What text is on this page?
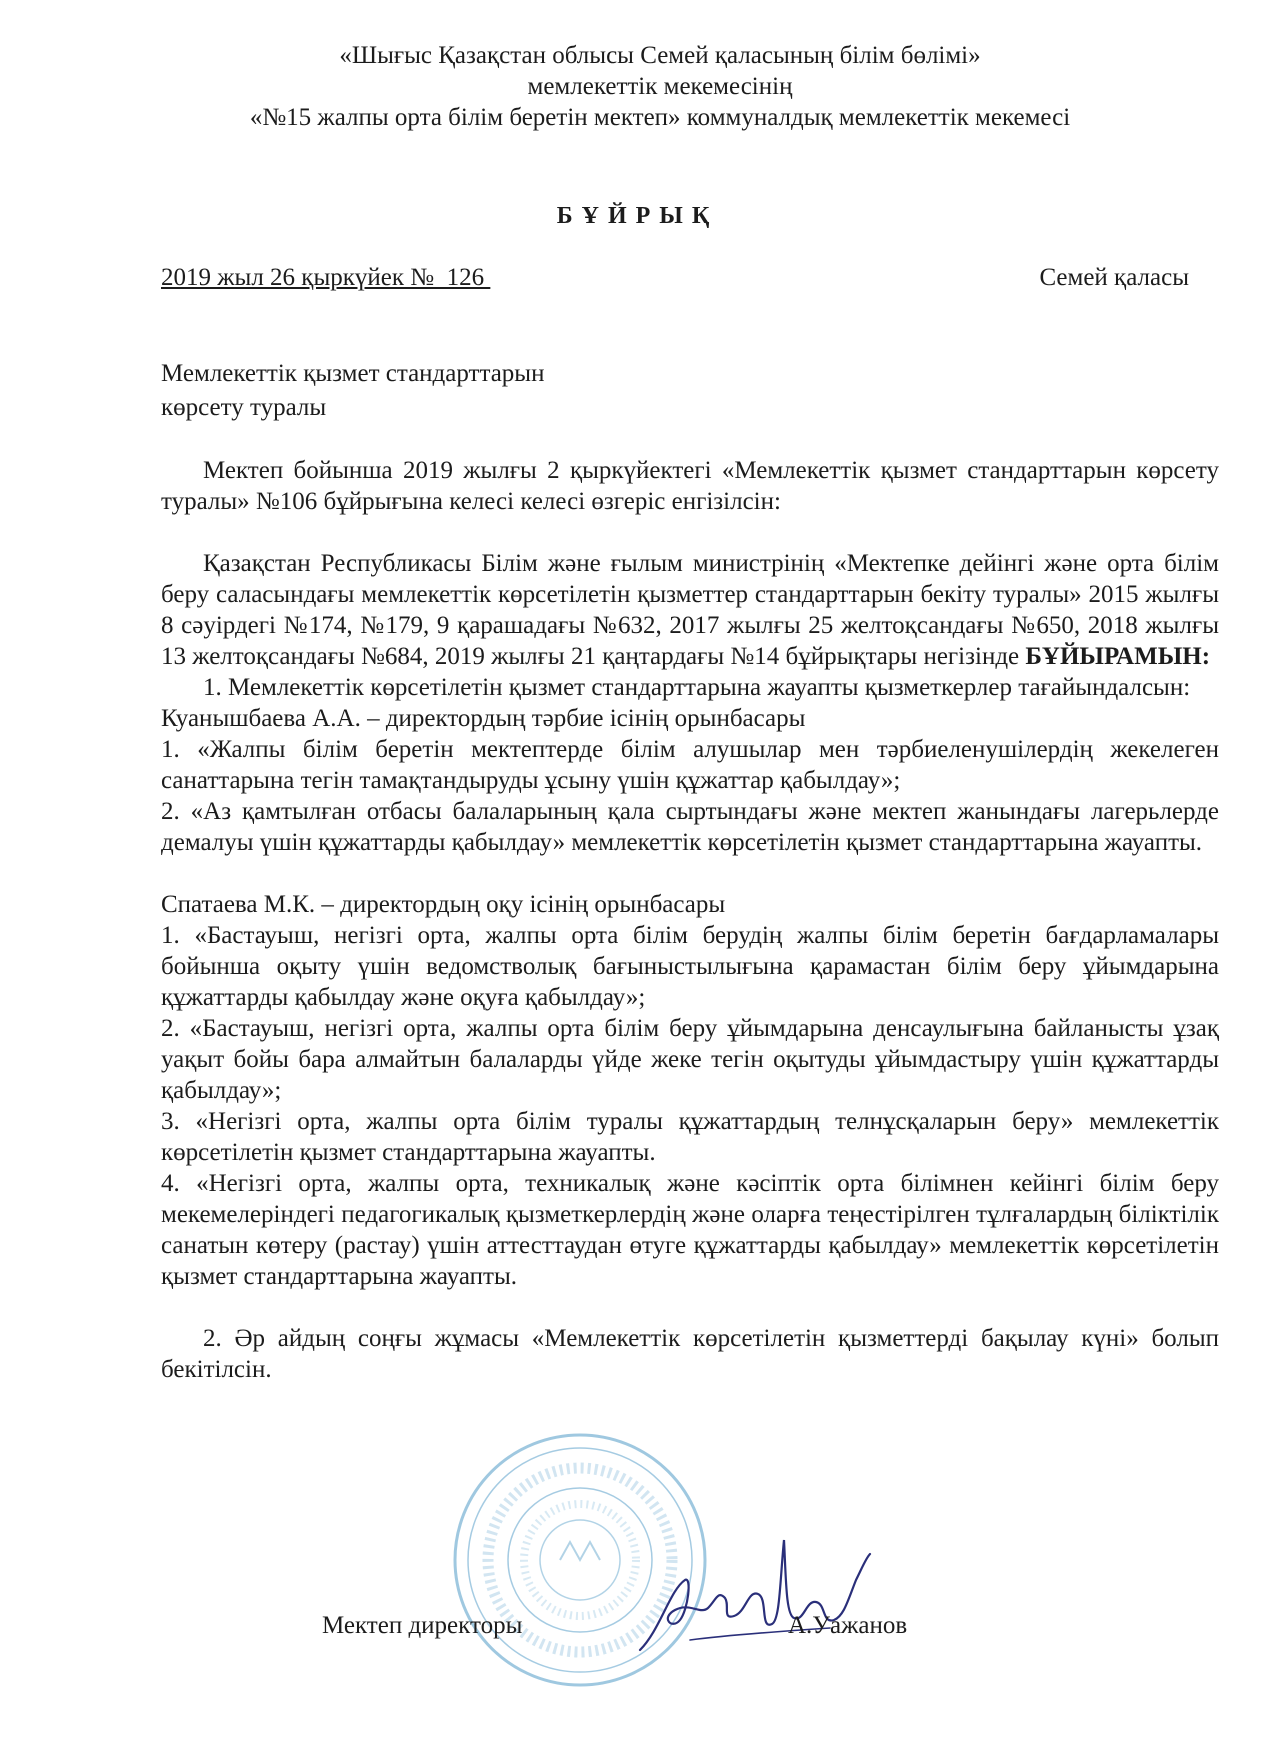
«Шығыс Қазақстан облысы Семей қаласының білім бөлімі»
мемлекеттік мекемесінің
«№15 жалпы орта білім беретін мектеп» коммуналдық мемлекеттік мекемесі
БҰЙРЫҚ
2019 жыл 26 қыркүйек №  126	Семей қаласы
Мемлекеттік қызмет стандарттарын
көрсету туралы

Мектеп бойынша 2019 жылғы 2 қыркүйектегі «Мемлекеттік қызмет стандарттарын көрсету туралы» №106 бұйрығына келесі келесі өзгеріс енгізілсін:

Қазақстан Республикасы Білім және ғылым министрінің «Мектепке дейінгі және орта білім беру саласындағы мемлекеттік көрсетілетін қызметтер стандарттарын бекіту туралы» 2015 жылғы 8 сәуірдегі №174, №179, 9 қарашадағы №632, 2017 жылғы 25 желтоқсандағы №650, 2018 жылғы 13 желтоқсандағы №684, 2019 жылғы 21 қаңтардағы №14 бұйрықтары негізінде БҰЙЫРАМЫН:

1. Мемлекеттік көрсетілетін қызмет стандарттарына жауапты қызметкерлер тағайындалсын:

Куанышбаева А.А. – директордың тәрбие ісінің орынбасары

1. «Жалпы білім беретін мектептерде білім алушылар мен тәрбиеленушілердің жекелеген санаттарына тегін тамақтандыруды ұсыну үшін құжаттар қабылдау»;

2. «Аз қамтылған отбасы балаларының қала сыртындағы және мектеп жанындағы лагерьлерде демалуы үшін құжаттарды қабылдау» мемлекеттік көрсетілетін қызмет стандарттарына жауапты.

Спатаева М.К. – директордың оқу ісінің орынбасары

1. «Бастауыш, негізгі орта, жалпы орта білім берудің жалпы білім беретін бағдарламалары бойынша оқыту үшін ведомстволық бағыныстылығына қарамастан білім беру ұйымдарына құжаттарды қабылдау және оқуға қабылдау»;

2. «Бастауыш, негізгі орта, жалпы орта білім беру ұйымдарына денсаулығына байланысты ұзақ уақыт бойы бара алмайтын балаларды үйде жеке тегін оқытуды ұйымдастыру үшін құжаттарды қабылдау»;

3. «Негізгі орта, жалпы орта білім туралы құжаттардың телнұсқаларын беру» мемлекеттік көрсетілетін қызмет стандарттарына жауапты.

4. «Негізгі орта, жалпы орта, техникалық және кәсіптік орта білімнен кейінгі білім беру мекемелеріндегі педагогикалық қызметкерлердің және оларға теңестірілген тұлғалардың біліктілік санатын көтеру (растау) үшін аттесттаудан өтуге құжаттарды қабылдау» мемлекеттік көрсетілетін қызмет стандарттарына жауапты.

2. Әр айдың соңғы жұмасы «Мемлекеттік көрсетілетін қызметтерді бақылау күні» болып бекітілсін.

Мектеп директоры	А.Уажанов
